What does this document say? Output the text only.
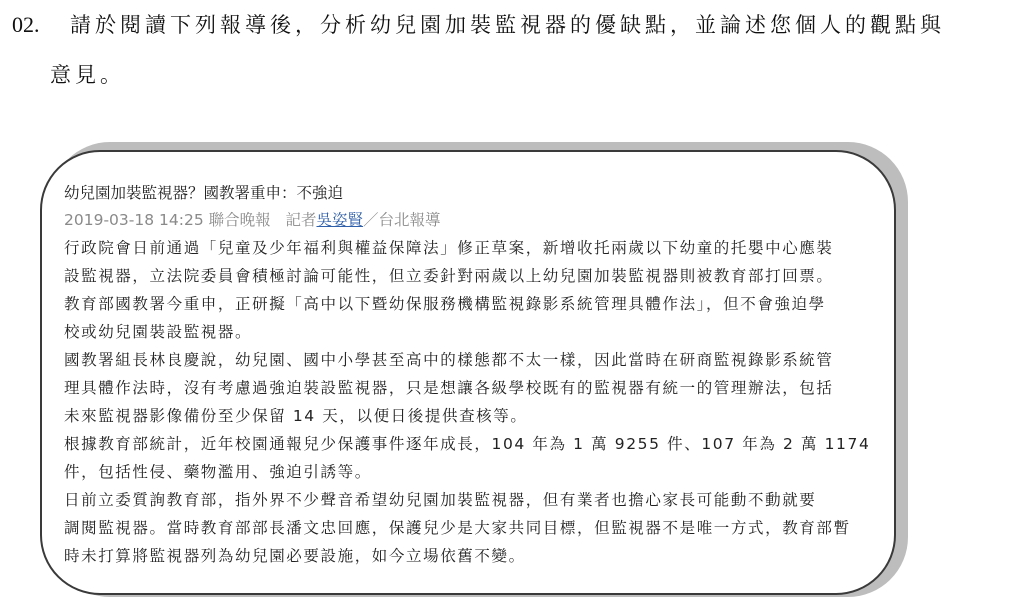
02.	請於閱讀下列報導後，分析幼兒園加裝監視器的優缺點，並論述您個人的觀點與
意見。
幼兒園加裝監視器？國教署重申：不強迫
2019-03-18 14:25 聯合晚報 記者吳姿賢／台北報導
行政院會日前通過「兒童及少年福利與權益保障法」修正草案，新增收托兩歲以下幼童的托嬰中心應裝
設監視器，立法院委員會積極討論可能性，但立委針對兩歲以上幼兒園加裝監視器則被教育部打回票。
教育部國教署今重申，正研擬「高中以下暨幼保服務機構監視錄影系統管理具體作法」，但不會強迫學
校或幼兒園裝設監視器。
國教署組長林良慶說，幼兒園、國中小學甚至高中的樣態都不太一樣，因此當時在研商監視錄影系統管
理具體作法時，沒有考慮過強迫裝設監視器，只是想讓各級學校既有的監視器有統一的管理辦法，包括
未來監視器影像備份至少保留 14 天，以便日後提供查核等。
根據教育部統計，近年校園通報兒少保護事件逐年成長，104 年為 1 萬 9255 件、107 年為 2 萬 1174
件，包括性侵、藥物濫用、強迫引誘等。
日前立委質詢教育部，指外界不少聲音希望幼兒園加裝監視器，但有業者也擔心家長可能動不動就要
調閱監視器。當時教育部部長潘文忠回應，保護兒少是大家共同目標，但監視器不是唯一方式，教育部暫
時未打算將監視器列為幼兒園必要設施，如今立場依舊不變。
